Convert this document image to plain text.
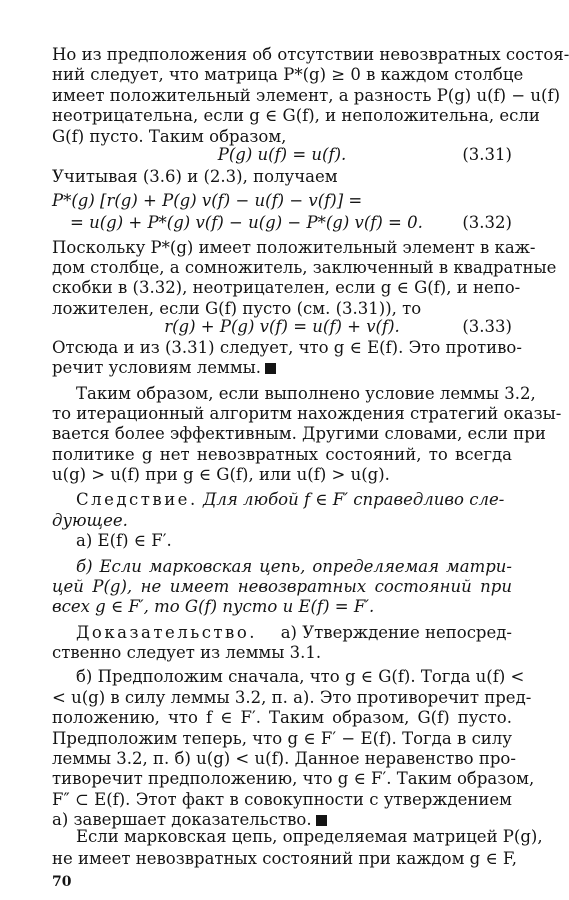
Но из предположения об отсутствии невозвратных состоя-
ний следует, что матрица P*(g) ≥ 0 в каждом столбце
имеет положительный элемент, а разность P(g) u(f) − u(f)
неотрицательна, если g ∈ G(f), и неположительна, если
G(f) пусто. Таким образом,
P(g) u(f) = u(f).	(3.31)
Учитывая (3.6) и (2.3), получаем
P*(g) [r(g) + P(g) v(f) − u(f) − v(f)] =
= u(g) + P*(g) v(f) − u(g) − P*(g) v(f) = 0. (3.32)
Поскольку P*(g) имеет положительный элемент в каж-
дом столбце, а сомножитель, заключенный в квадратные
скобки в (3.32), неотрицателен, если g ∈ G(f), и непо-
ложителен, если G(f) пусто (см. (3.31)), то
r(g) + P(g) v(f) = u(f) + v(f).	(3.33)
Отсюда и из (3.31) следует, что g ∈ E(f). Это противо-
речит условиям леммы.
Таким образом, если выполнено условие леммы 3.2,
то итерационный алгоритм нахождения стратегий оказы-
вается более эффективным. Другими словами, если при
политике g нет невозвратных состояний, то всегда
u(g) > u(f) при g ∈ G(f), или u(f) > u(g).
Следствие. Для любой f ∈ F′ справедливо сле-
дующее.
а) E(f) ∈ F′.
б) Если марковская цепь, определяемая матри-
цей P(g), не имеет невозвратных состояний при
всех g ∈ F′, то G(f) пусто и E(f) = F′.
Доказательство. а) Утверждение непосред-
ственно следует из леммы 3.1.
б) Предположим сначала, что g ∈ G(f). Тогда u(f) <
< u(g) в силу леммы 3.2, п. а). Это противоречит пред-
положению, что f ∈ F′. Таким образом, G(f) пусто.
Предположим теперь, что g ∈ F′ − E(f). Тогда в силу
леммы 3.2, п. б) u(g) < u(f). Данное неравенство про-
тиворечит предположению, что g ∈ F′. Таким образом,
F″ ⊂ E(f). Этот факт в совокупности с утверждением
а) завершает доказательство.
Если марковская цепь, определяемая матрицей P(g),
не имеет невозвратных состояний при каждом g ∈ F,
70
